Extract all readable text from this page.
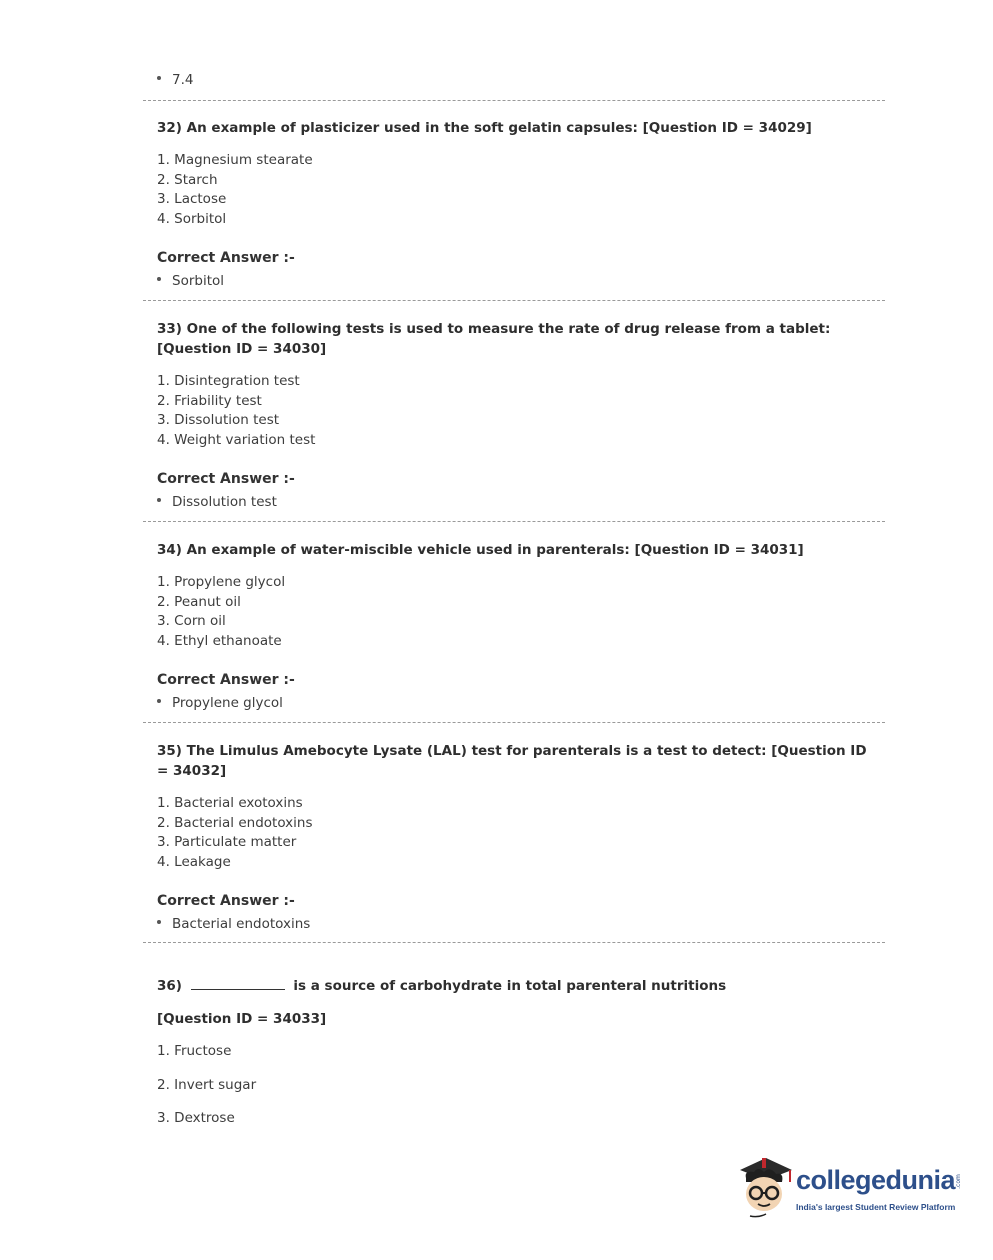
7.4
32) An example of plasticizer used in the soft gelatin capsules: [Question ID = 34029]
1. Magnesium stearate
2. Starch
3. Lactose
4. Sorbitol
Correct Answer :-
Sorbitol
33) One of the following tests is used to measure the rate of drug release from a tablet: [Question ID = 34030]
1. Disintegration test
2. Friability test
3. Dissolution test
4. Weight variation test
Correct Answer :-
Dissolution test
34) An example of water-miscible vehicle used in parenterals: [Question ID = 34031]
1. Propylene glycol
2. Peanut oil
3. Corn oil
4. Ethyl ethanoate
Correct Answer :-
Propylene glycol
35) The Limulus Amebocyte Lysate (LAL) test for parenterals is a test to detect: [Question ID = 34032]
1. Bacterial exotoxins
2. Bacterial endotoxins
3. Particulate matter
4. Leakage
Correct Answer :-
Bacterial endotoxins
36)	is a source of carbohydrate in total parenteral nutritions
[Question ID = 34033]
1. Fructose
2. Invert sugar
3. Dextrose
collegedunia .com
India's largest Student Review Platform
